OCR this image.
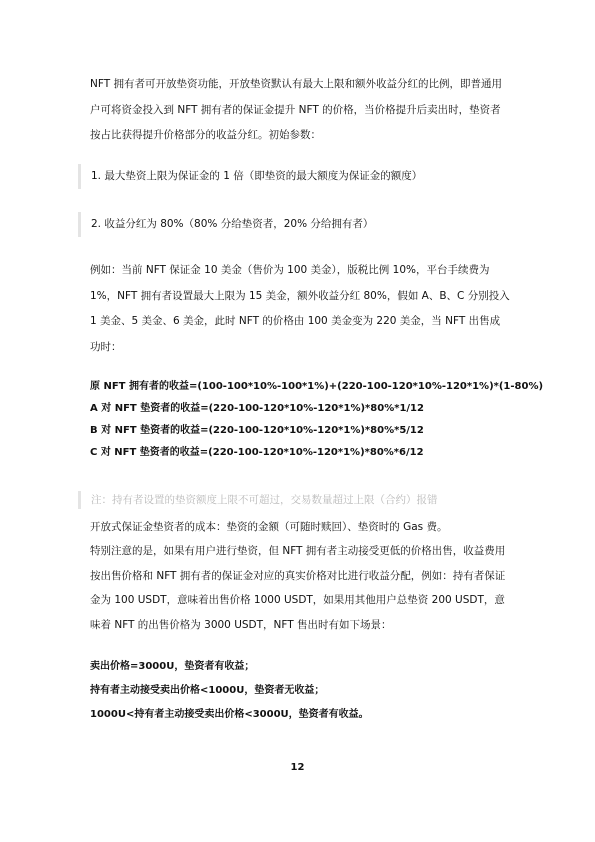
NFT 拥有者可开放垫资功能，开放垫资默认有最大上限和额外收益分红的比例，即普通用户可将资金投入到 NFT 拥有者的保证金提升 NFT 的价格，当价格提升后卖出时，垫资者按占比获得提升价格部分的收益分红。初始参数：

1. 最大垫资上限为保证金的 1 倍（即垫资的最大额度为保证金的额度）

2. 收益分红为 80%（80% 分给垫资者，20% 分给拥有者）

例如：当前 NFT 保证金 10 美金（售价为 100 美金），版税比例 10%，平台手续费为 1%，NFT 拥有者设置最大上限为 15 美金，额外收益分红 80%，假如 A、B、C 分别投入 1 美金、5 美金、6 美金，此时 NFT 的价格由 100 美金变为 220 美金，当 NFT 出售成功时：

原 NFT 拥有者的收益=(100-100*10%-100*1%)+(220-100-120*10%-120*1%)*(1-80%)

A 对 NFT 垫资者的收益=(220-100-120*10%-120*1%)*80%*1/12

B 对 NFT 垫资者的收益=(220-100-120*10%-120*1%)*80%*5/12

C 对 NFT 垫资者的收益=(220-100-120*10%-120*1%)*80%*6/12

注：持有者设置的垫资额度上限不可超过，交易数量超过上限（合约）报错

开放式保证金垫资者的成本：垫资的金额（可随时赎回）、垫资时的 Gas 费。

特别注意的是，如果有用户进行垫资，但 NFT 拥有者主动接受更低的价格出售，收益费用按出售价格和 NFT 拥有者的保证金对应的真实价格对比进行收益分配，例如：持有者保证金为 100 USDT，意味着出售价格 1000 USDT，如果用其他用户总垫资 200 USDT，意味着 NFT 的出售价格为 3000 USDT，NFT 售出时有如下场景：

卖出价格=3000U，垫资者有收益；

持有者主动接受卖出价格<1000U，垫资者无收益；

1000U<持有者主动接受卖出价格<3000U，垫资者有收益。

12
